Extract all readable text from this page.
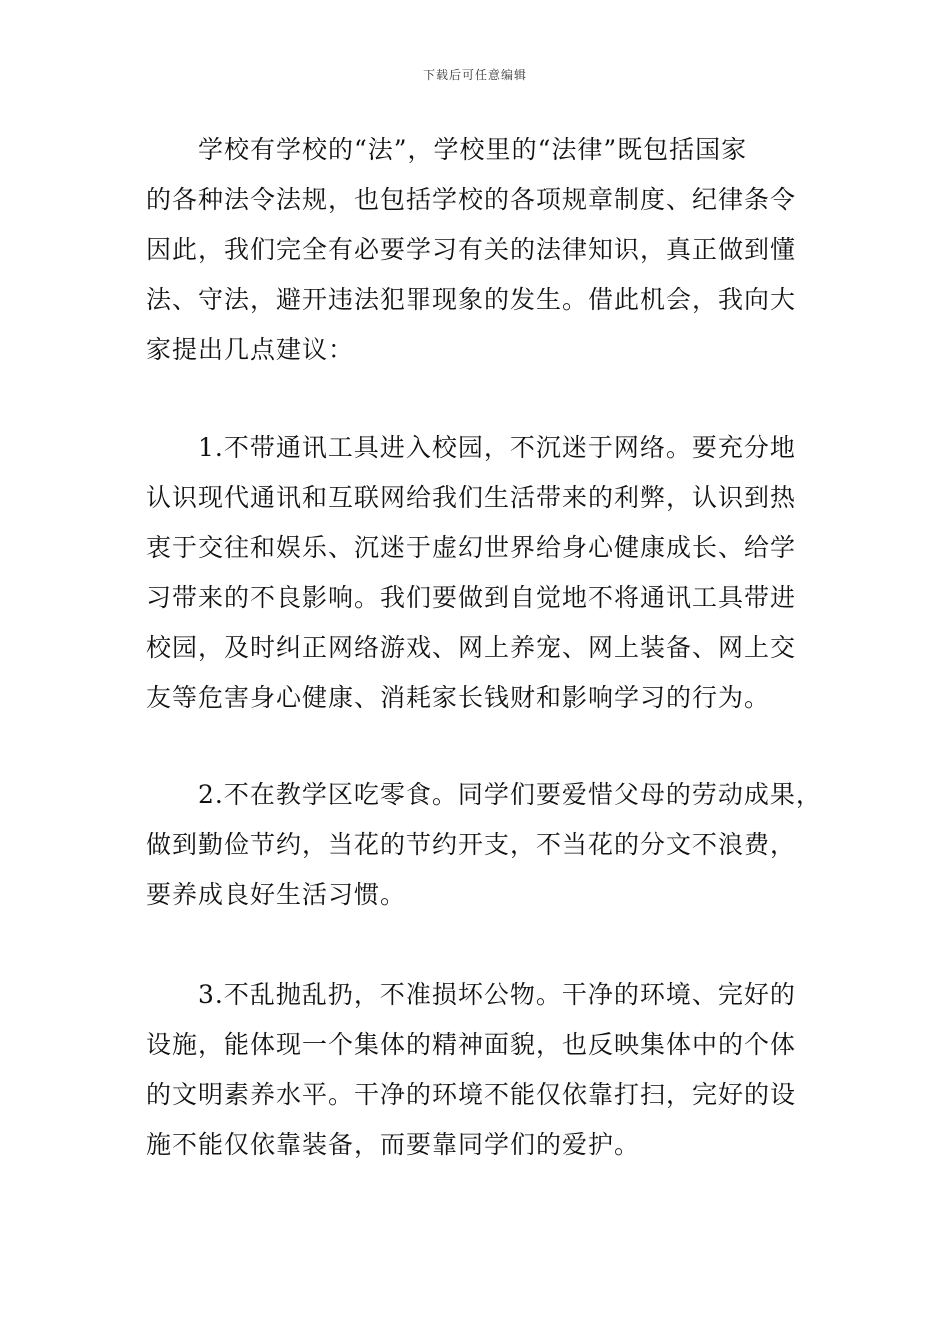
下载后可任意编辑

学校有学校的“法”，学校里的“法律”既包括国家
的各种法令法规，也包括学校的各项规章制度、纪律条令
因此，我们完全有必要学习有关的法律知识，真正做到懂
法、守法，避开违法犯罪现象的发生。借此机会，我向大
家提出几点建议：

1.不带通讯工具进入校园，不沉迷于网络。要充分地
认识现代通讯和互联网给我们生活带来的利弊，认识到热
衷于交往和娱乐、沉迷于虚幻世界给身心健康成长、给学
习带来的不良影响。我们要做到自觉地不将通讯工具带进
校园，及时纠正网络游戏、网上养宠、网上装备、网上交
友等危害身心健康、消耗家长钱财和影响学习的行为。

2.不在教学区吃零食。同学们要爱惜父母的劳动成果，
做到勤俭节约，当花的节约开支，不当花的分文不浪费，
要养成良好生活习惯。

3.不乱抛乱扔，不准损坏公物。干净的环境、完好的
设施，能体现一个集体的精神面貌，也反映集体中的个体
的文明素养水平。干净的环境不能仅依靠打扫，完好的设
施不能仅依靠装备，而要靠同学们的爱护。
